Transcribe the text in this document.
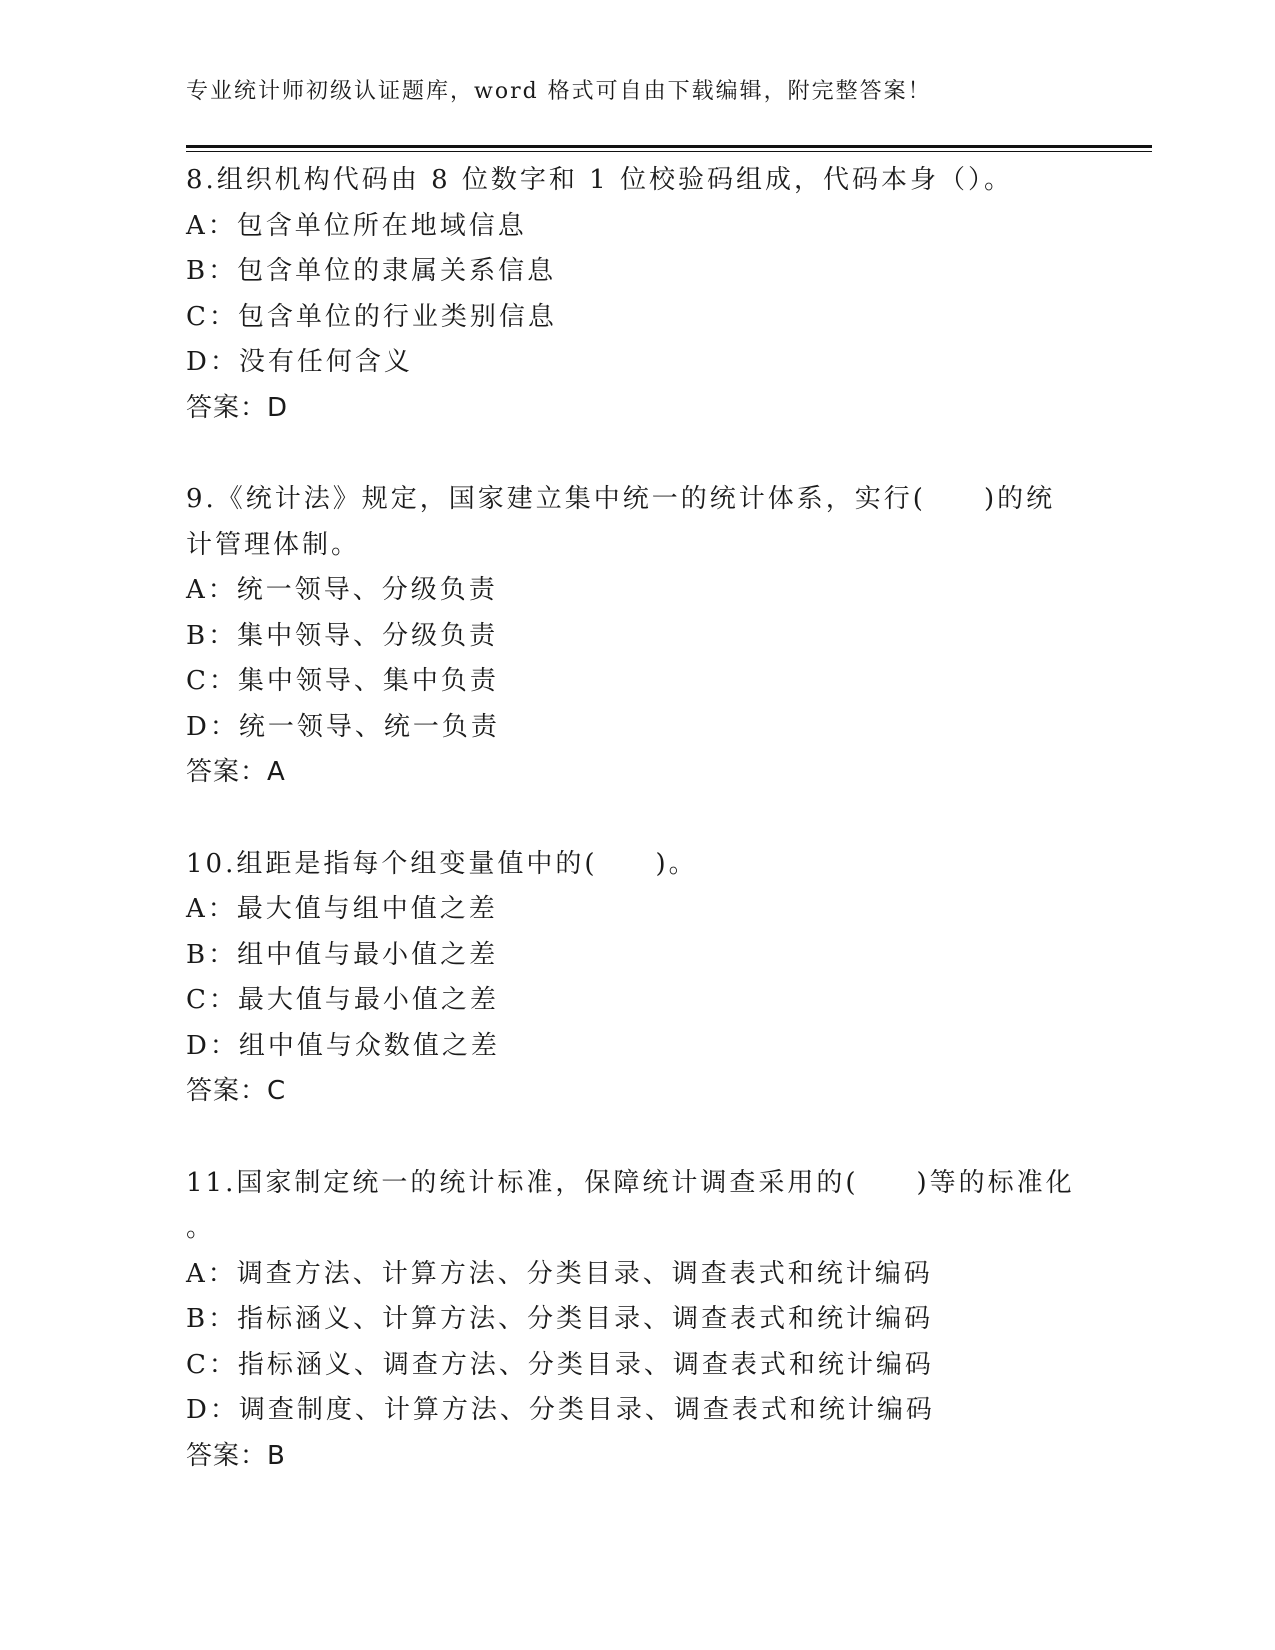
专业统计师初级认证题库，word 格式可自由下载编辑，附完整答案！
8.组织机构代码由 8 位数字和 1 位校验码组成，代码本身（）。
A：包含单位所在地域信息
B：包含单位的隶属关系信息
C：包含单位的行业类别信息
D：没有任何含义
答案：D
9.《统计法》规定，国家建立集中统一的统计体系，实行(　　)的统
计管理体制。
A：统一领导、分级负责
B：集中领导、分级负责
C：集中领导、集中负责
D：统一领导、统一负责
答案：A
10.组距是指每个组变量值中的(　　)。
A：最大值与组中值之差
B：组中值与最小值之差
C：最大值与最小值之差
D：组中值与众数值之差
答案：C
11.国家制定统一的统计标准，保障统计调查采用的(　　)等的标准化
。
A：调查方法、计算方法、分类目录、调查表式和统计编码
B：指标涵义、计算方法、分类目录、调查表式和统计编码
C：指标涵义、调查方法、分类目录、调查表式和统计编码
D：调查制度、计算方法、分类目录、调查表式和统计编码
答案：B
